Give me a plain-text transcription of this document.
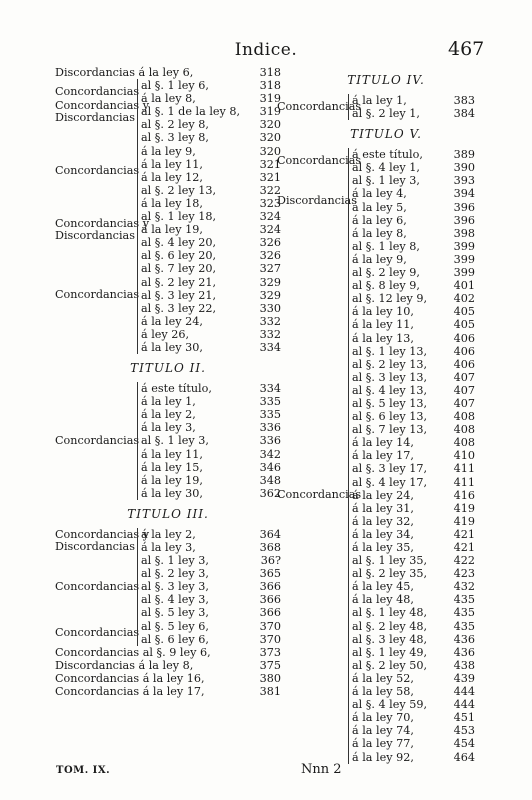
Indice.	467
Discordancias á la ley 6,	318
Concordancias al §. 1 ley 6,	318
á la ley 8,	319
Concordancias y
Discordancias al §. 1 de la ley 8, 319
Concordancias
al §. 2 ley 8,	320
al §. 3 ley 8,	320
á la ley 9,	320
á la ley 11,	321
á la ley 12,	321
al §. 2 ley 13,	322
á la ley 18,	323
al §. 1 ley 18,	324
Concordancias y
Discordancias á la ley 19,	324
Concordancias
al §. 4 ley 20,	326
al §. 6 ley 20,	326
al §. 7 ley 20,	327
al §. 2 ley 21,	329
al §. 3 ley 21,	329
al §. 3 ley 22,	330
á la ley 24,	332
á ley 26,	332
á la ley 30,	334
TITULO II.
Concordancias
á este título,	334
á la ley 1,	335
á la ley 2,	335
á la ley 3,	336
al §. 1 ley 3,	336
á la ley 11,	342
á la ley 15,	346
á la ley 19,	348
á la ley 30,	362
TITULO III.
Concordancias y
Discordancias
á la ley 2,	364
á la ley 3,	368
Concordancias
al §. 1 ley 3,	36?
al §. 2 ley 3,	365
al §. 3 ley 3,	366
al §. 4 ley 3,	366
al §. 5 ley 3,	366
Concordancias al §. 5 ley 6,	370
al §. 6 ley 6,	370
Concordancias al §. 9 ley 6,	373
Discordancias á la ley 8,	375
Concordancias á la ley 16,	380
Concordancias á la ley 17,	381
TITULO IV.
Concordancias
á la ley 1,	383
al §. 2 ley 1,	384
TITULO V.
Concordancias
á este título,	389
al §. 4 ley 1,	390
Discordancias
al §. 1 ley 3,	393
á la ley 4,	394
á la ley 5,	396
á la ley 6,	396
Concordancias
á la ley 8,	398
al §. 1 ley 8,	399
á la ley 9,	399
al §. 2 ley 9,	399
al §. 8 ley 9,	401
al §. 12 ley 9, 402
á la ley 10,	405
á la ley 11,	405
á la ley 13,	406
al §. 1 ley 13, 406
al §. 2 ley 13, 406
al §. 3 ley 13, 407
al §. 4 ley 13, 407
al §. 5 ley 13, 407
al §. 6 ley 13, 408
al §. 7 ley 13, 408
á la ley 14,	408
á la ley 17,	410
al §. 3 ley 17, 411
al §. 4 ley 17, 411
á la ley 24,	416
á la ley 31,	419
á la ley 32,	419
á la ley 34,	421
á la ley 35,	421
al §. 1 ley 35, 422
al §. 2 ley 35, 423
á la ley 45,	432
á la ley 48,	435
al §. 1 ley 48, 435
al §. 2 ley 48, 435
al §. 3 ley 48, 436
al §. 1 ley 49, 436
al §. 2 ley 50, 438
á la ley 52,	439
á la ley 58,	444
al §. 4 ley 59, 444
á la ley 70,	451
á la ley 74,	453
á la ley 77,	454
á la ley 92,	464
TOM. IX.	Nnn 2
